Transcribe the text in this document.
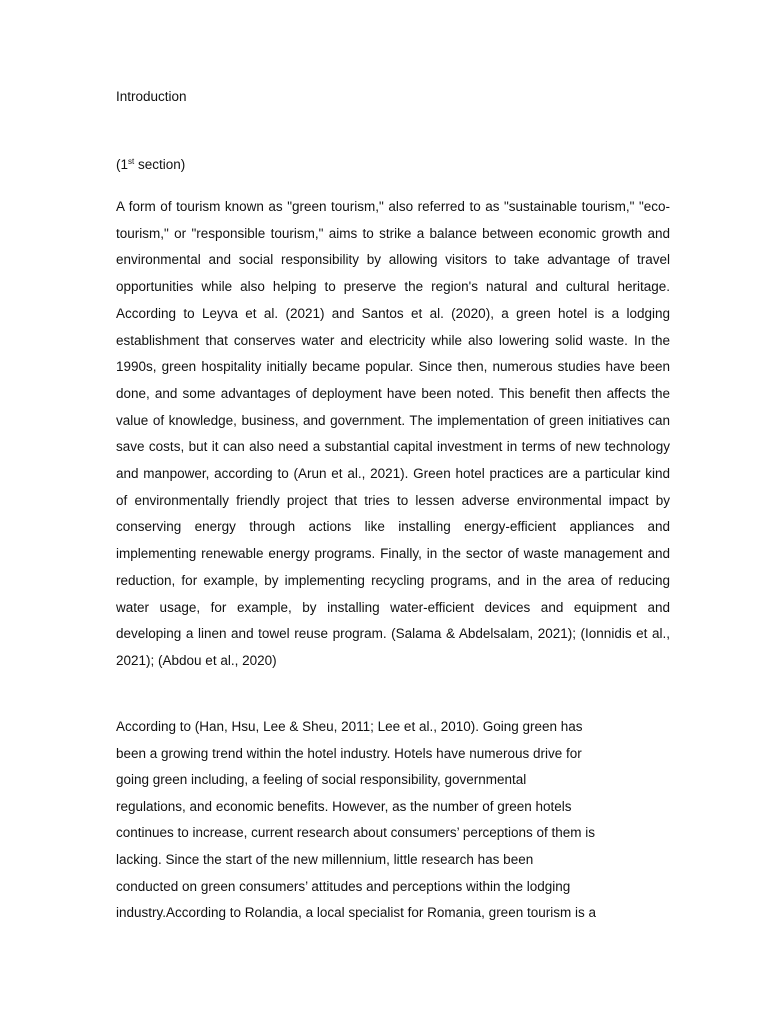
Introduction

(1st section)

A form of tourism known as "green tourism," also referred to as "sustainable tourism," "eco-tourism," or "responsible tourism," aims to strike a balance between economic growth and environmental and social responsibility by allowing visitors to take advantage of travel opportunities while also helping to preserve the region's natural and cultural heritage. According to Leyva et al. (2021) and Santos et al. (2020), a green hotel is a lodging establishment that conserves water and electricity while also lowering solid waste. In the 1990s, green hospitality initially became popular. Since then, numerous studies have been done, and some advantages of deployment have been noted. This benefit then affects the value of knowledge, business, and government. The implementation of green initiatives can save costs, but it can also need a substantial capital investment in terms of new technology and manpower, according to (Arun et al., 2021). Green hotel practices are a particular kind of environmentally friendly project that tries to lessen adverse environmental impact by conserving energy through actions like installing energy-efficient appliances and implementing renewable energy programs. Finally, in the sector of waste management and reduction, for example, by implementing recycling programs, and in the area of reducing water usage, for example, by installing water-efficient devices and equipment and developing a linen and towel reuse program. (Salama & Abdelsalam, 2021); (Ionnidis et al., 2021); (Abdou et al., 2020)

According to (Han, Hsu, Lee & Sheu, 2011; Lee et al., 2010). Going green has
been a growing trend within the hotel industry. Hotels have numerous drive for
going green including, a feeling of social responsibility, governmental
regulations, and economic benefits. However, as the number of green hotels
continues to increase, current research about consumers’ perceptions of them is
lacking. Since the start of the new millennium, little research has been
conducted on green consumers’ attitudes and perceptions within the lodging
industry.According to Rolandia, a local specialist for Romania, green tourism is a
